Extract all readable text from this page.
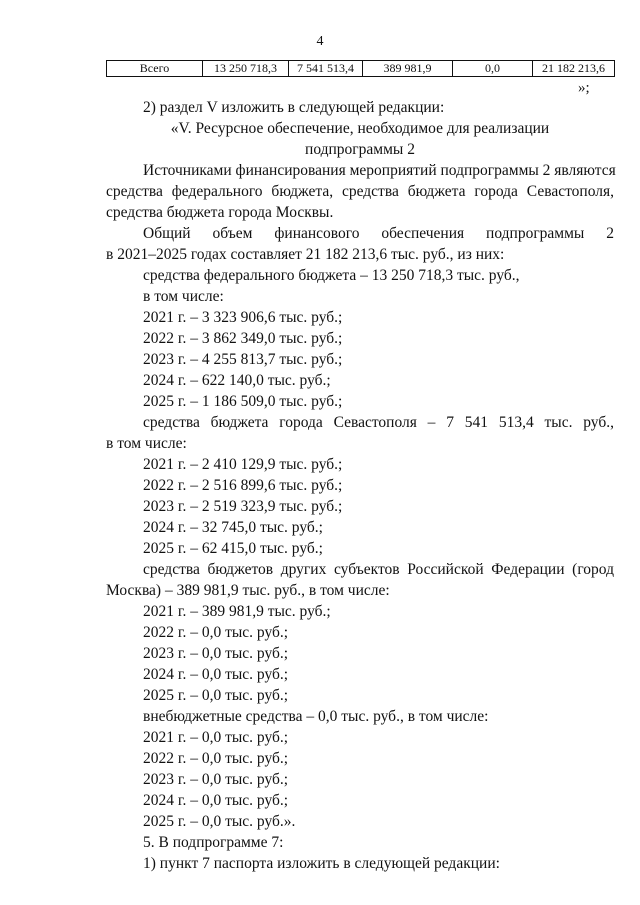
4
Всего	13 250 718,3	7 541 513,4	389 981,9	0,0	21 182 213,6
»;
2) раздел V изложить в следующей редакции:
«V. Ресурсное обеспечение, необходимое для реализации
подпрограммы 2
Источниками финансирования мероприятий подпрограммы 2 являются
средства федерального бюджета, средства бюджета города Севастополя,
средства бюджета города Москвы.
Общий объем финансового обеспечения подпрограммы 2
в 2021–2025 годах составляет 21 182 213,6 тыс. руб., из них:
средства федерального бюджета – 13 250 718,3 тыс. руб.,
в том числе:
2021 г. – 3 323 906,6 тыс. руб.;
2022 г. – 3 862 349,0 тыс. руб.;
2023 г. – 4 255 813,7 тыс. руб.;
2024 г. – 622 140,0 тыс. руб.;
2025 г. – 1 186 509,0 тыс. руб.;
средства бюджета города Севастополя – 7 541 513,4 тыс. руб.,
в том числе:
2021 г. – 2 410 129,9 тыс. руб.;
2022 г. – 2 516 899,6 тыс. руб.;
2023 г. – 2 519 323,9 тыс. руб.;
2024 г. – 32 745,0 тыс. руб.;
2025 г. – 62 415,0 тыс. руб.;
средства бюджетов других субъектов Российской Федерации (город
Москва) – 389 981,9 тыс. руб., в том числе:
2021 г. – 389 981,9 тыс. руб.;
2022 г. – 0,0 тыс. руб.;
2023 г. – 0,0 тыс. руб.;
2024 г. – 0,0 тыс. руб.;
2025 г. – 0,0 тыс. руб.;
внебюджетные средства – 0,0 тыс. руб., в том числе:
2021 г. – 0,0 тыс. руб.;
2022 г. – 0,0 тыс. руб.;
2023 г. – 0,0 тыс. руб.;
2024 г. – 0,0 тыс. руб.;
2025 г. – 0,0 тыс. руб.».
5. В подпрограмме 7:
1) пункт 7 паспорта изложить в следующей редакции:
